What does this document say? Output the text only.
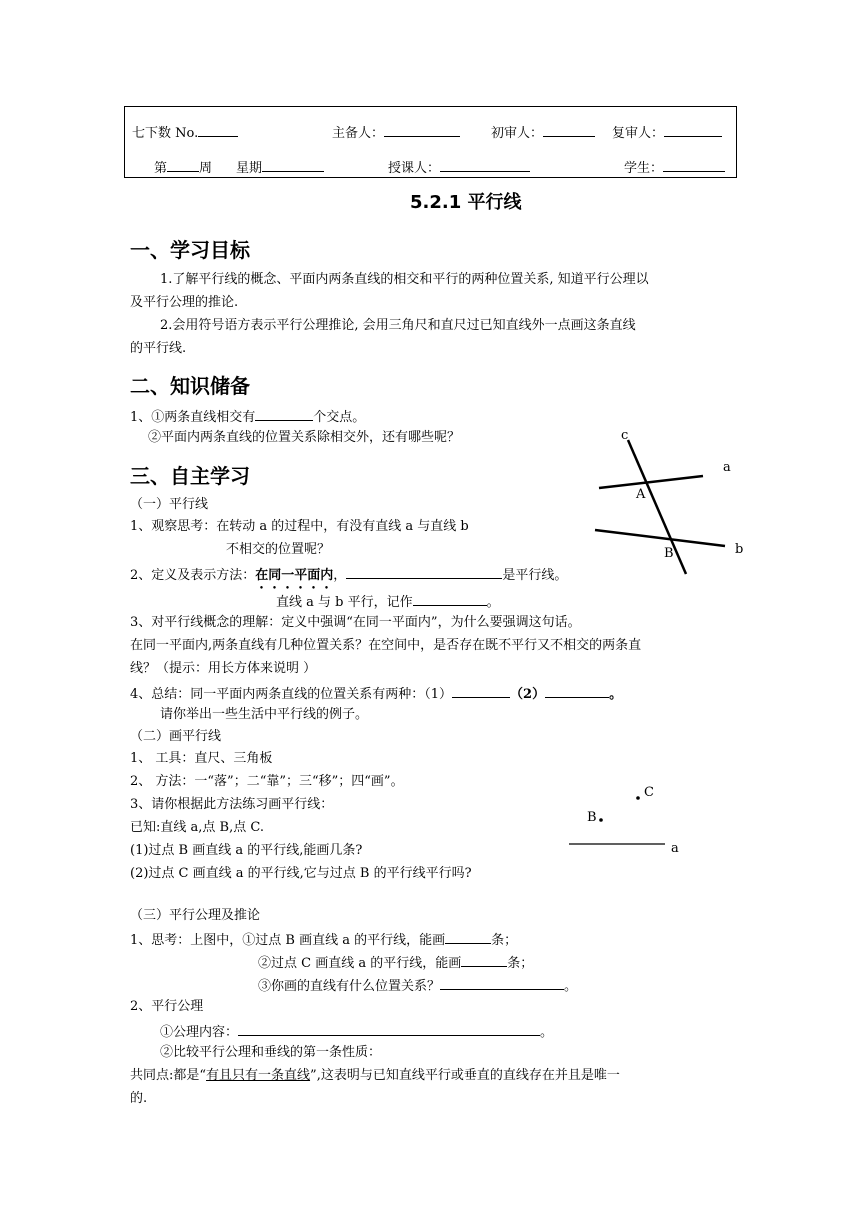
七下数 No.	主备人：	初审人：	复审人：
第 周 星期	授课人：	学生：
5.2.1 平行线
一、学习目标
1.了解平行线的概念、平面内两条直线的相交和平行的两种位置关系, 知道平行公理以
及平行公理的推论.
2.会用符号语方表示平行公理推论, 会用三角尺和直尺过已知直线外一点画这条直线
的平行线.
二、知识储备
1、①两条直线相交有	个交点。
②平面内两条直线的位置关系除相交外，还有哪些呢？	c
a
b
A
B
三、自主学习
（一）平行线
1、观察思考：在转动 a 的过程中，有没有直线 a 与直线 b
不相交的位置呢？
2、定义及表示方法：在同一平面内，	是平行线。
直线 a 与 b 平行，记作	。
3、对平行线概念的理解：定义中强调“在同一平面内”，为什么要强调这句话。
在同一平面内,两条直线有几种位置关系？在空间中，是否存在既不平行又不相交的两条直
线？（提示：用长方体来说明 ）
4、总结：同一平面内两条直线的位置关系有两种：（1）	（2）	。
请你举出一些生活中平行线的例子。
（二）画平行线
1、 工具：直尺、三角板
2、 方法：一“落”；二“靠”；三“移”；四“画”。
3、请你根据此方法练习画平行线：
已知:直线 a,点 B,点 C.
(1)过点 B 画直线 a 的平行线,能画几条?
(2)过点 C 画直线 a 的平行线,它与过点 B 的平行线平行吗?
C
B
a
（三）平行公理及推论
1、思考：上图中，①过点 B 画直线 a 的平行线，能画	条；
②过点 C 画直线 a 的平行线，能画	条；
③你画的直线有什么位置关系？	。
2、平行公理
①公理内容：	。
②比较平行公理和垂线的第一条性质：
共同点:都是“有且只有一条直线”,这表明与已知直线平行或垂直的直线存在并且是唯一
的.
